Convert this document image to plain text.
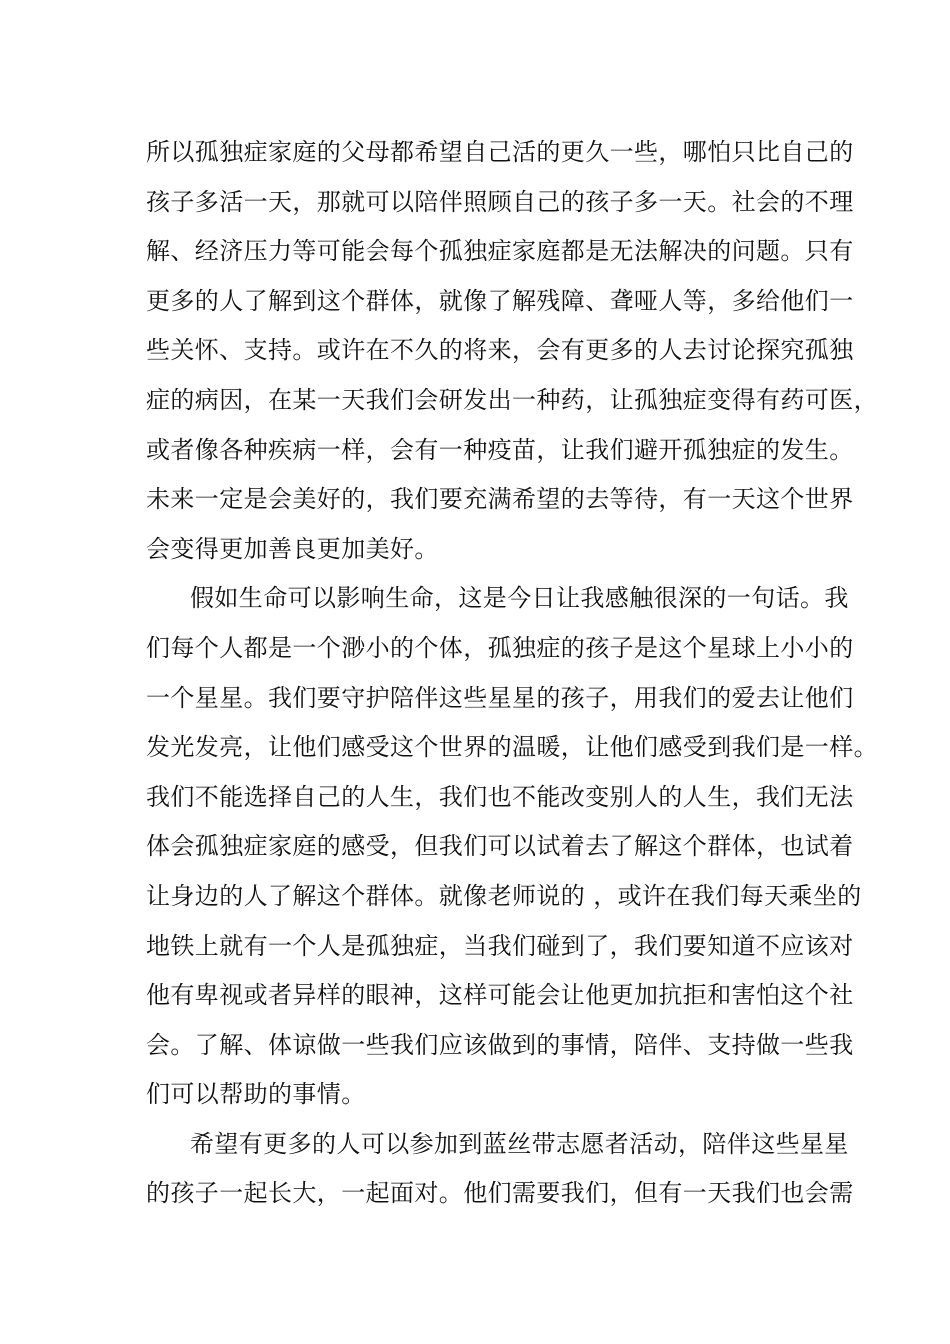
所以孤独症家庭的父母都希望自己活的更久一些，哪怕只比自己的
孩子多活一天，那就可以陪伴照顾自己的孩子多一天。社会的不理
解、经济压力等可能会每个孤独症家庭都是无法解决的问题。只有
更多的人了解到这个群体，就像了解残障、聋哑人等，多给他们一
些关怀、支持。或许在不久的将来，会有更多的人去讨论探究孤独
症的病因，在某一天我们会研发出一种药，让孤独症变得有药可医，
或者像各种疾病一样，会有一种疫苗，让我们避开孤独症的发生。
未来一定是会美好的，我们要充满希望的去等待，有一天这个世界
会变得更加善良更加美好。
假如生命可以影响生命，这是今日让我感触很深的一句话。我
们每个人都是一个渺小的个体，孤独症的孩子是这个星球上小小的
一个星星。我们要守护陪伴这些星星的孩子，用我们的爱去让他们
发光发亮，让他们感受这个世界的温暖，让他们感受到我们是一样。
我们不能选择自己的人生，我们也不能改变别人的人生，我们无法
体会孤独症家庭的感受，但我们可以试着去了解这个群体，也试着
让身边的人了解这个群体。就像老师说的 ，或许在我们每天乘坐的
地铁上就有一个人是孤独症，当我们碰到了，我们要知道不应该对
他有卑视或者异样的眼神，这样可能会让他更加抗拒和害怕这个社
会。了解、体谅做一些我们应该做到的事情，陪伴、支持做一些我
们可以帮助的事情。
希望有更多的人可以参加到蓝丝带志愿者活动，陪伴这些星星
的孩子一起长大，一起面对。他们需要我们，但有一天我们也会需
